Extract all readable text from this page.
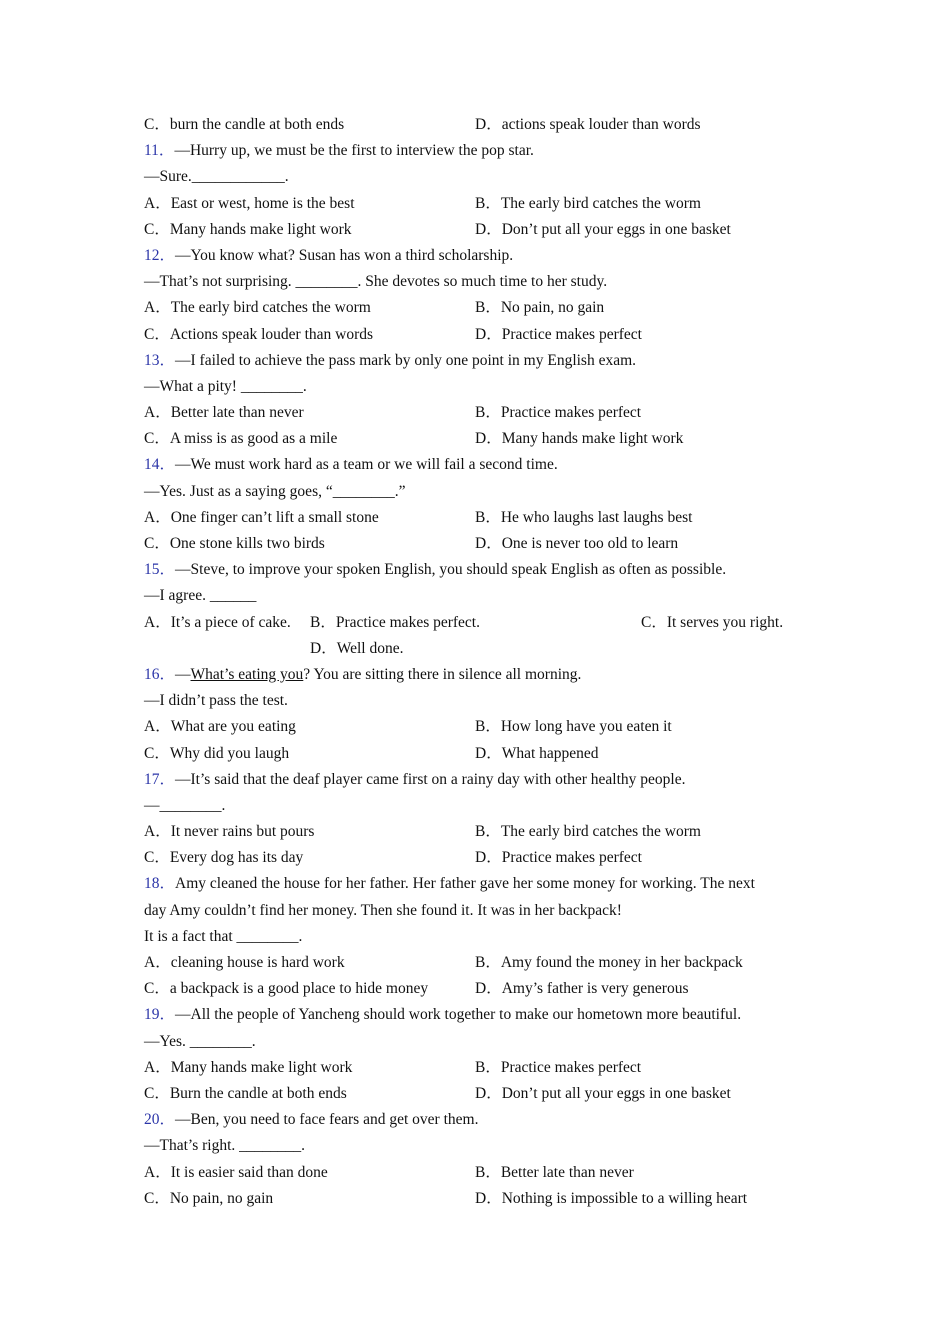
C．burn the candle at both ends	D．actions speak louder than words
11．—Hurry up, we must be the first to interview the pop star.
—Sure.____________.
A．East or west, home is the best	B．The early bird catches the worm
C．Many hands make light work	D．Don’t put all your eggs in one basket
12．—You know what? Susan has won a third scholarship.
—That’s not surprising. ________. She devotes so much time to her study.
A．The early bird catches the worm	B．No pain, no gain
C．Actions speak louder than words	D．Practice makes perfect
13．—I failed to achieve the pass mark by only one point in my English exam.
—What a pity! ________.
A．Better late than never	B．Practice makes perfect
C．A miss is as good as a mile	D．Many hands make light work
14．—We must work hard as a team or we will fail a second time.
—Yes. Just as a saying goes, “________.”
A．One finger can’t lift a small stone	B．He who laughs last laughs best
C．One stone kills two birds	D．One is never too old to learn
15．—Steve, to improve your spoken English, you should speak English as often as possible.
—I agree. ______
A．It’s a piece of cake. B．Practice makes perfect.	C．It serves you right.
D．Well done.
16．—What’s eating you? You are sitting there in silence all morning.
—I didn’t pass the test.
A．What are you eating	B．How long have you eaten it
C．Why did you laugh	D．What happened
17．—It’s said that the deaf player came first on a rainy day with other healthy people.
—________.
A．It never rains but pours	B．The early bird catches the worm
C．Every dog has its day	D．Practice makes perfect
18．Amy cleaned the house for her father. Her father gave her some money for working. The next
day Amy couldn’t find her money. Then she found it. It was in her backpack!
It is a fact that ________.
A．cleaning house is hard work	B．Amy found the money in her backpack
C．a backpack is a good place to hide money	D．Amy’s father is very generous
19．—All the people of Yancheng should work together to make our hometown more beautiful.
—Yes. ________.
A．Many hands make light work	B．Practice makes perfect
C．Burn the candle at both ends	D．Don’t put all your eggs in one basket
20．—Ben, you need to face fears and get over them.
—That’s right. ________.
A．It is easier said than done	B．Better late than never
C．No pain, no gain	D．Nothing is impossible to a willing heart
